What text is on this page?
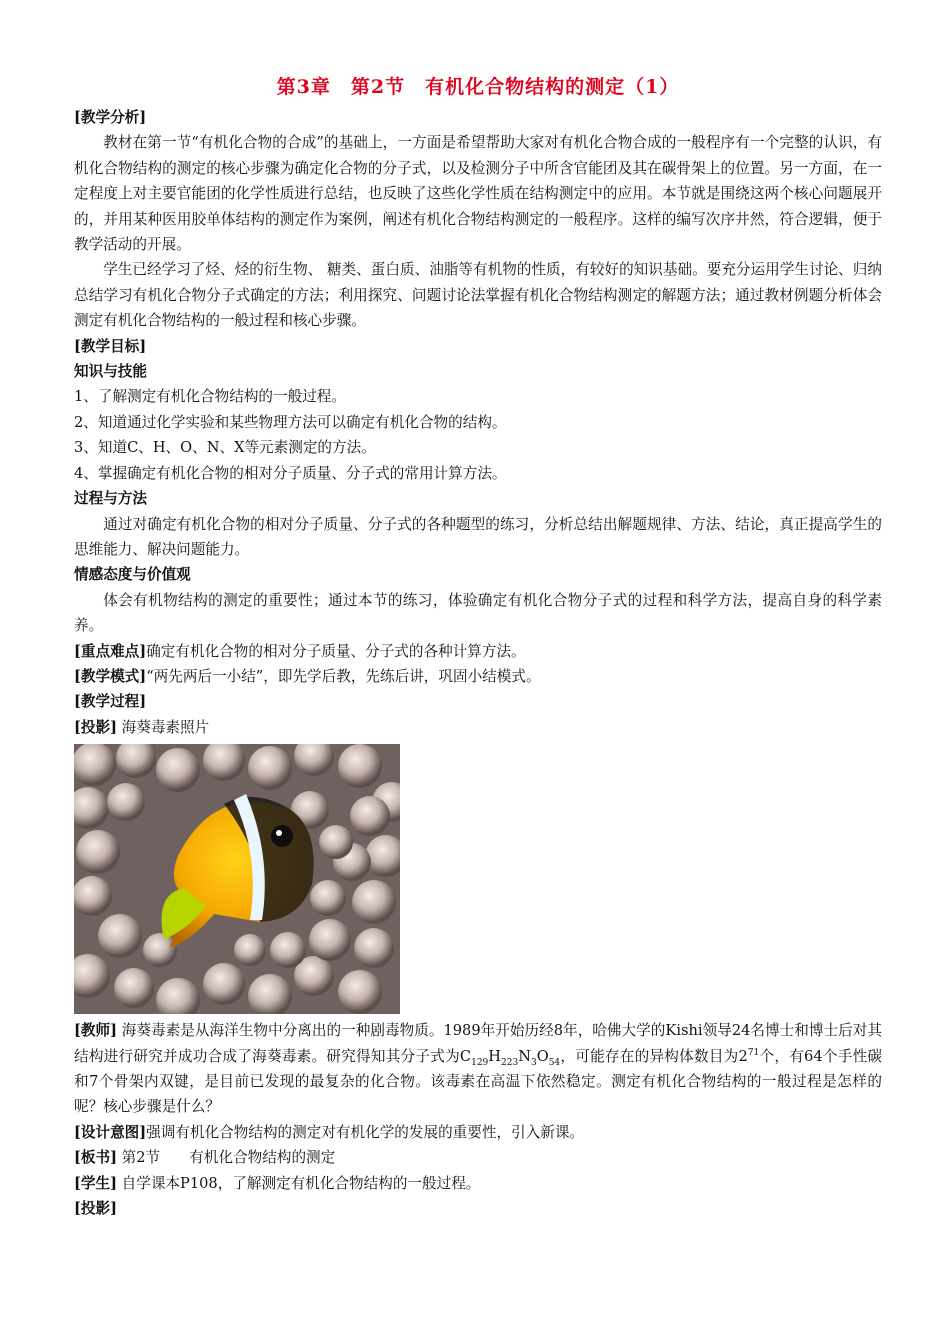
第3章　第2节　有机化合物结构的测定（1）

[教学分析]

教材在第一节“有机化合物的合成”的基础上，一方面是希望帮助大家对有机化合物合成的一般程序有一个完整的认识，有机化合物结构的测定的核心步骤为确定化合物的分子式，以及检测分子中所含官能团及其在碳骨架上的位置。另一方面，在一定程度上对主要官能团的化学性质进行总结，也反映了这些化学性质在结构测定中的应用。本节就是围绕这两个核心问题展开的，并用某种医用胶单体结构的测定作为案例，阐述有机化合物结构测定的一般程序。这样的编写次序井然，符合逻辑，便于教学活动的开展。

学生已经学习了烃、烃的衍生物、 糖类、蛋白质、油脂等有机物的性质，有较好的知识基础。要充分运用学生讨论、归纳总结学习有机化合物分子式确定的方法；利用探究、问题讨论法掌握有机化合物结构测定的解题方法；通过教材例题分析体会测定有机化合物结构的一般过程和核心步骤。

[教学目标]

知识与技能

1、了解测定有机化合物结构的一般过程。

2、知道通过化学实验和某些物理方法可以确定有机化合物的结构。

3、知道C、H、O、N、X等元素测定的方法。

4、掌握确定有机化合物的相对分子质量、分子式的常用计算方法。

过程与方法

通过对确定有机化合物的相对分子质量、分子式的各种题型的练习，分析总结出解题规律、方法、结论，真正提高学生的思维能力、解决问题能力。

情感态度与价值观

体会有机物结构的测定的重要性；通过本节的练习，体验确定有机化合物分子式的过程和科学方法，提高自身的科学素养。

[重点难点]确定有机化合物的相对分子质量、分子式的各种计算方法。

[教学模式]“两先两后一小结”，即先学后教，先练后讲，巩固小结模式。

[教学过程]

[投影] 海葵毒素照片

[教师] 海葵毒素是从海洋生物中分离出的一种剧毒物质。1989年开始历经8年，哈佛大学的Kishi领导24名博士和博士后对其结构进行研究并成功合成了海葵毒素。研究得知其分子式为$C_{129}H_{223}N_3O_{54}$，可能存在的异构体数目为$2^{71}$个，有64个手性碳和7个骨架内双键，是目前已发现的最复杂的化合物。该毒素在高温下依然稳定。测定有机化合物结构的一般过程是怎样的呢？核心步骤是什么？

[设计意图]强调有机化合物结构的测定对有机化学的发展的重要性，引入新课。

[板书] 第2节　　有机化合物结构的测定

[学生] 自学课本P108，了解测定有机化合物结构的一般过程。

[投影]
